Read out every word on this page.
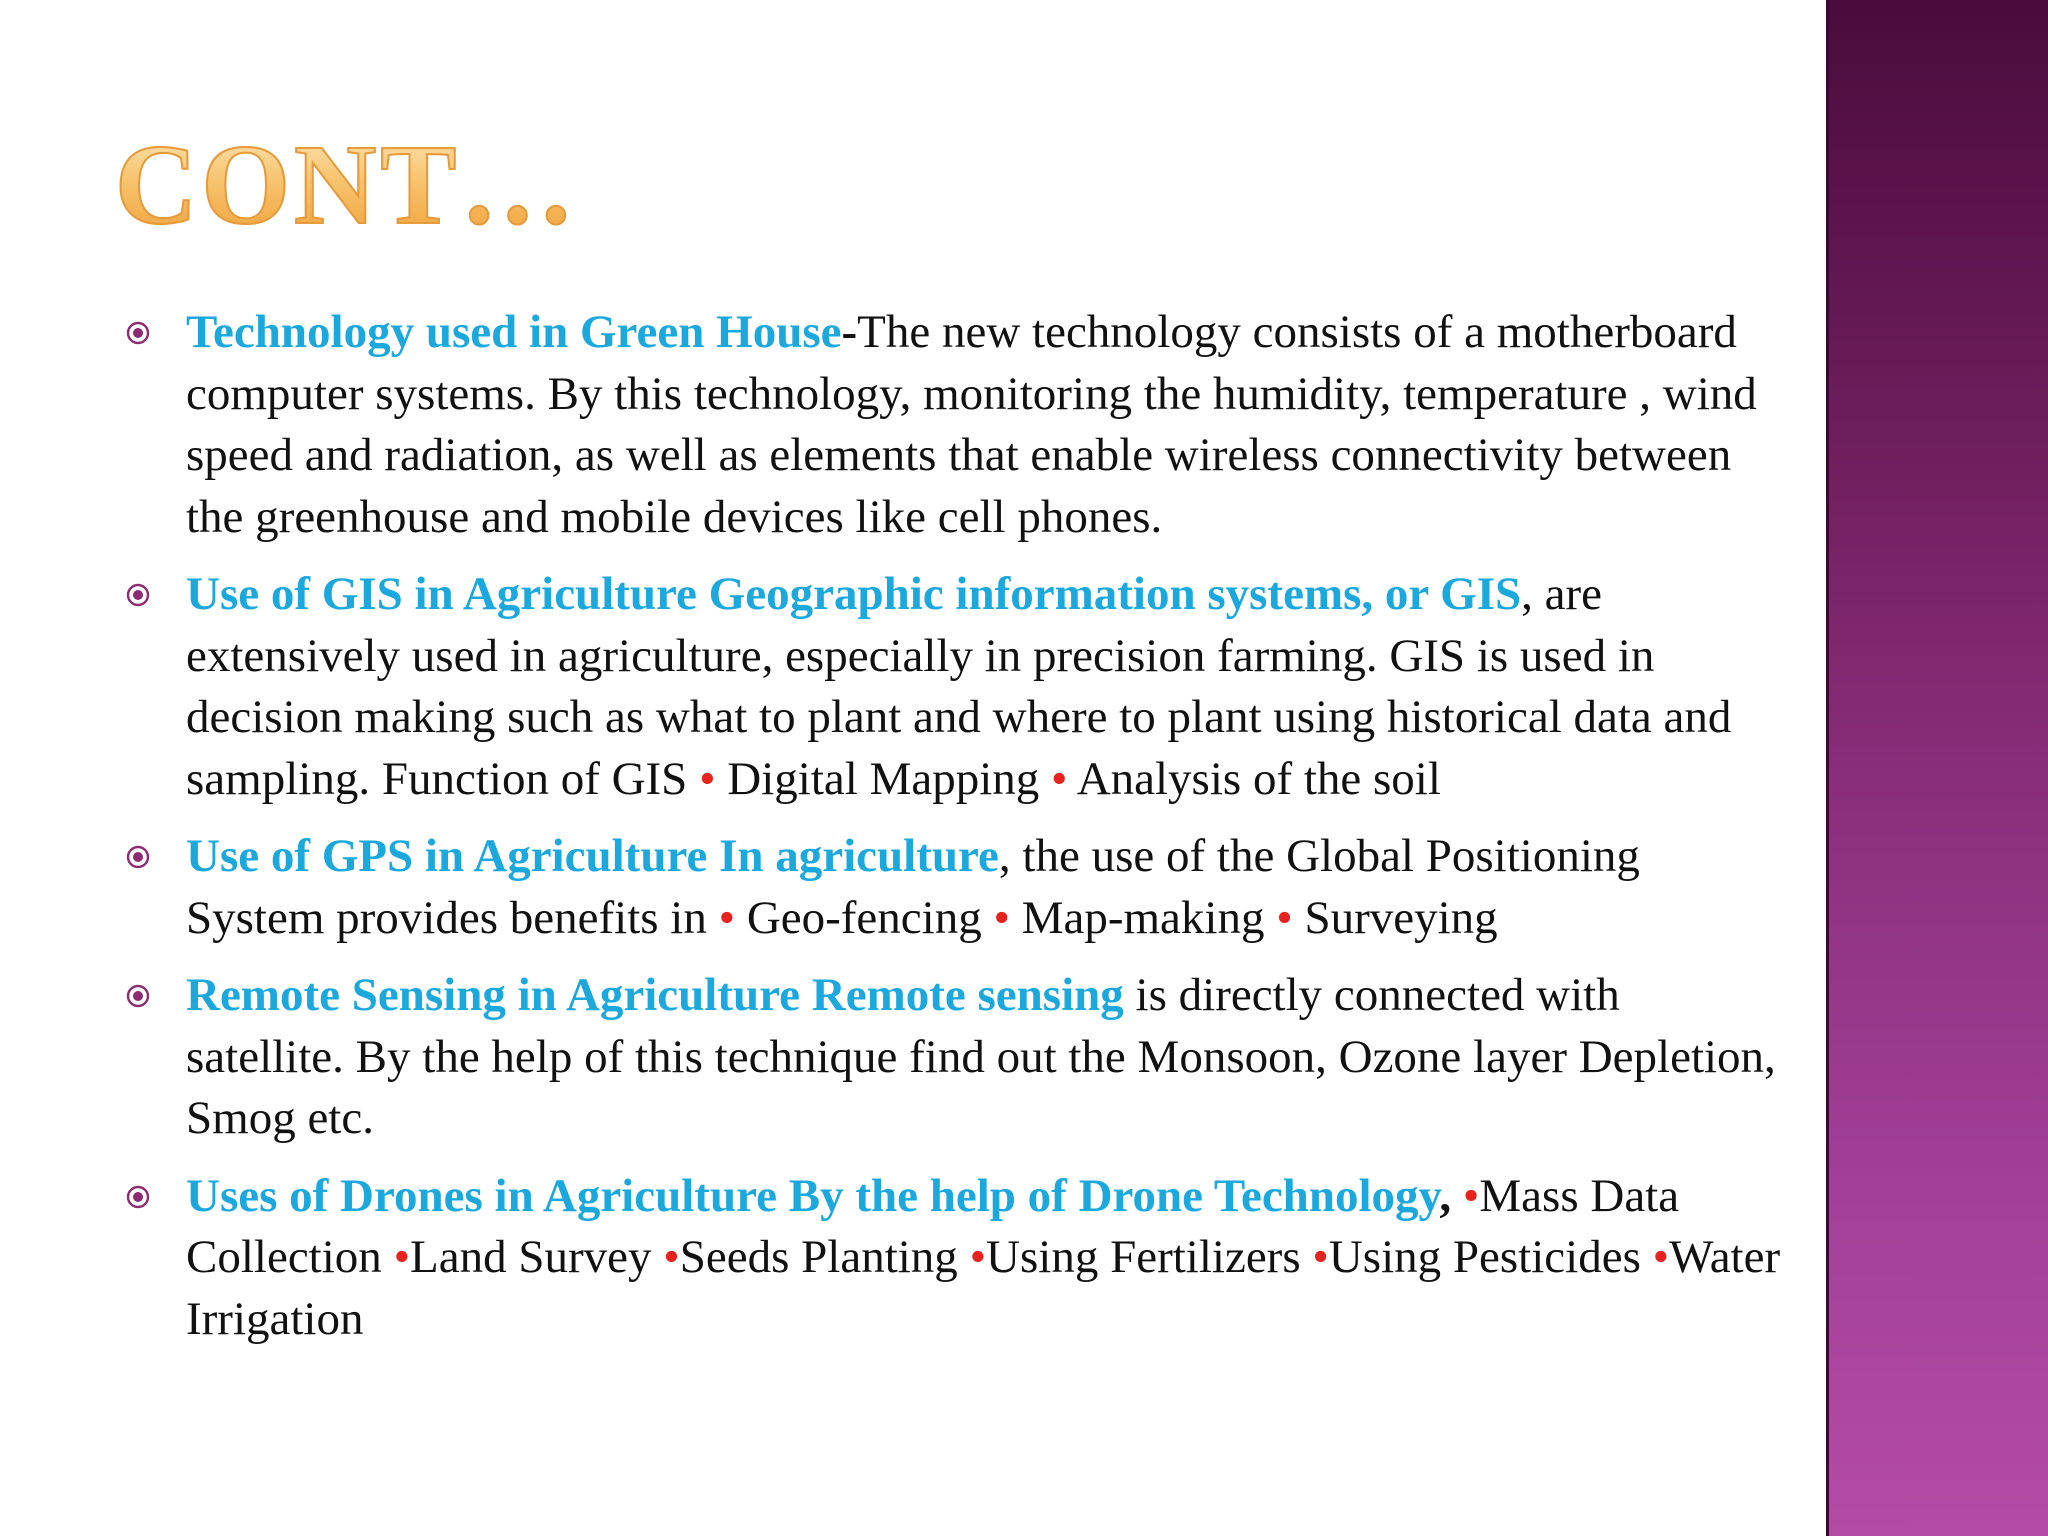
CONT…
Technology used in Green House-The new technology consists of a motherboard computer systems. By this technology, monitoring the humidity, temperature , wind speed and radiation, as well as elements that enable wireless connectivity between the greenhouse and mobile devices like cell phones.
Use of GIS in Agriculture Geographic information systems, or GIS, are extensively used in agriculture, especially in precision farming. GIS is used in decision making such as what to plant and where to plant using historical data and sampling. Function of GIS • Digital Mapping • Analysis of the soil
Use of GPS in Agriculture In agriculture, the use of the Global Positioning System provides benefits in • Geo-fencing • Map-making • Surveying
Remote Sensing in Agriculture Remote sensing is directly connected with satellite. By the help of this technique find out the Monsoon, Ozone layer Depletion, Smog etc.
Uses of Drones in Agriculture By the help of Drone Technology, •Mass Data Collection •Land Survey •Seeds Planting •Using Fertilizers •Using Pesticides •Water Irrigation
